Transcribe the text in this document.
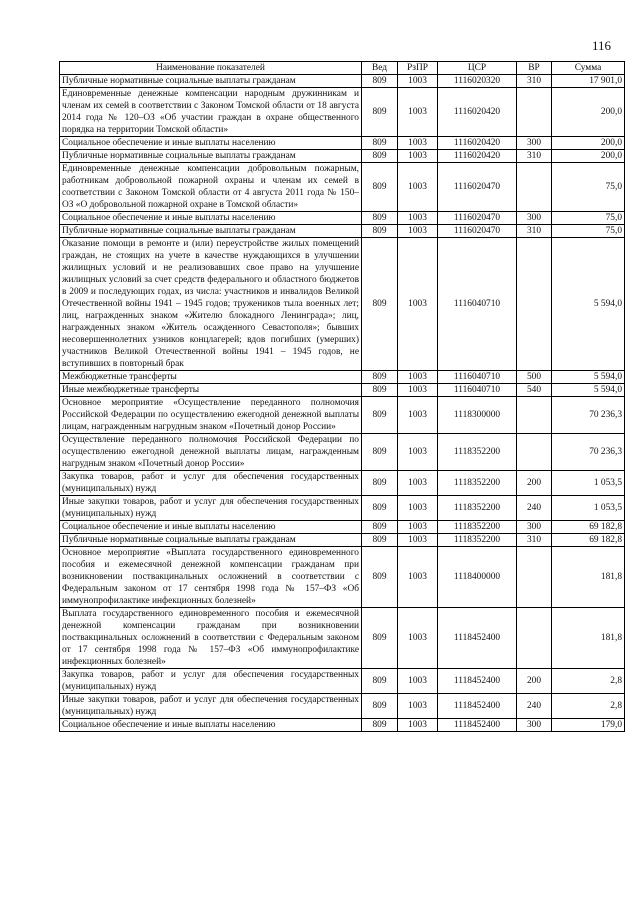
116
Наименование показателей	Вед	РзПР	ЦСР	ВР	Сумма
Публичные нормативные социальные выплаты гражданам	809	1003	1116020320	310	17 901,0
Единовременные денежные компенсации народным дружинникам и членам их семей в соответствии с Законом Томской области от 18 августа 2014 года № 120–ОЗ «Об участии граждан в охране общественного порядка на территории Томской области»	809	1003	1116020420		200,0
Социальное обеспечение и иные выплаты населению	809	1003	1116020420	300	200,0
Публичные нормативные социальные выплаты гражданам	809	1003	1116020420	310	200,0
Единовременные денежные компенсации добровольным пожарным, работникам добровольной пожарной охраны и членам их семей в соответствии с Законом Томской области от 4 августа 2011 года № 150–ОЗ «О добровольной пожарной охране в Томской области»	809	1003	1116020470		75,0
Социальное обеспечение и иные выплаты населению	809	1003	1116020470	300	75,0
Публичные нормативные социальные выплаты гражданам	809	1003	1116020470	310	75,0
Оказание помощи в ремонте и (или) переустройстве жилых помещений граждан, не стоящих на учете в качестве нуждающихся в улучшении жилищных условий и не реализовавших свое право на улучшение жилищных условий за счет средств федерального и областного бюджетов в 2009 и последующих годах, из числа: участников и инвалидов Великой Отечественной войны 1941 – 1945 годов; тружеников тыла военных лет; лиц, награжденных знаком «Жителю блокадного Ленинграда»; лиц, награжденных знаком «Житель осажденного Севастополя»; бывших несовершеннолетних узников концлагерей; вдов погибших (умерших) участников Великой Отечественной войны 1941 – 1945 годов, не вступивших в повторный брак	809	1003	1116040710		5 594,0
Межбюджетные трансферты	809	1003	1116040710	500	5 594,0
Иные межбюджетные трансферты	809	1003	1116040710	540	5 594,0
Основное мероприятие «Осуществление переданного полномочия Российской Федерации по осуществлению ежегодной денежной выплаты лицам, награжденным нагрудным знаком «Почетный донор России»	809	1003	1118300000		70 236,3
Осуществление переданного полномочия Российской Федерации по осуществлению ежегодной денежной выплаты лицам, награжденным нагрудным знаком «Почетный донор России»	809	1003	1118352200		70 236,3
Закупка товаров, работ и услуг для обеспечения государственных (муниципальных) нужд	809	1003	1118352200	200	1 053,5
Иные закупки товаров, работ и услуг для обеспечения государственных (муниципальных) нужд	809	1003	1118352200	240	1 053,5
Социальное обеспечение и иные выплаты населению	809	1003	1118352200	300	69 182,8
Публичные нормативные социальные выплаты гражданам	809	1003	1118352200	310	69 182,8
Основное мероприятие «Выплата государственного единовременного пособия и ежемесячной денежной компенсации гражданам при возникновении поствакцинальных осложнений в соответствии с Федеральным законом от 17 сентября 1998 года № 157–ФЗ «Об иммунопрофилактике инфекционных болезней»	809	1003	1118400000		181,8
Выплата государственного единовременного пособия и ежемесячной денежной компенсации гражданам при возникновении поствакцинальных осложнений в соответствии с Федеральным законом от 17 сентября 1998 года № 157–ФЗ «Об иммунопрофилактике инфекционных болезней»	809	1003	1118452400		181,8
Закупка товаров, работ и услуг для обеспечения государственных (муниципальных) нужд	809	1003	1118452400	200	2,8
Иные закупки товаров, работ и услуг для обеспечения государственных (муниципальных) нужд	809	1003	1118452400	240	2,8
Социальное обеспечение и иные выплаты населению	809	1003	1118452400	300	179,0
